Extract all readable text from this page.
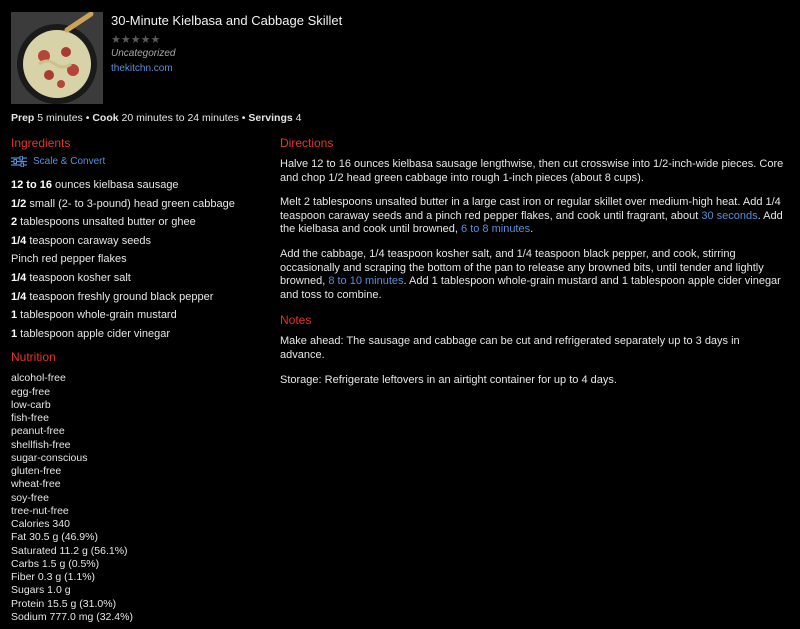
30-Minute Kielbasa and Cabbage Skillet
★★★★★
Uncategorized
thekitchn.com
Prep 5 minutes • Cook 20 minutes to 24 minutes • Servings 4
Ingredients
Scale & Convert
12 to 16 ounces kielbasa sausage
1/2 small (2- to 3-pound) head green cabbage
2 tablespoons unsalted butter or ghee
1/4 teaspoon caraway seeds
Pinch red pepper flakes
1/4 teaspoon kosher salt
1/4 teaspoon freshly ground black pepper
1 tablespoon whole-grain mustard
1 tablespoon apple cider vinegar
Nutrition
alcohol-free
egg-free
low-carb
fish-free
peanut-free
shellfish-free
sugar-conscious
gluten-free
wheat-free
soy-free
tree-nut-free
Calories 340
Fat 30.5 g (46.9%)
Saturated 11.2 g (56.1%)
Carbs 1.5 g (0.5%)
Fiber 0.3 g (1.1%)
Sugars 1.0 g
Protein 15.5 g (31.0%)
Sodium 777.0 mg (32.4%)
Directions

Halve 12 to 16 ounces kielbasa sausage lengthwise, then cut crosswise into 1/2-inch-wide pieces. Core and chop 1/2 head green cabbage into rough 1-inch pieces (about 8 cups).

Melt 2 tablespoons unsalted butter in a large cast iron or regular skillet over medium-high heat. Add 1/4 teaspoon caraway seeds and a pinch red pepper flakes, and cook until fragrant, about 30 seconds. Add the kielbasa and cook until browned, 6 to 8 minutes.

Add the cabbage, 1/4 teaspoon kosher salt, and 1/4 teaspoon black pepper, and cook, stirring occasionally and scraping the bottom of the pan to release any browned bits, until tender and lightly browned, 8 to 10 minutes. Add 1 tablespoon whole-grain mustard and 1 tablespoon apple cider vinegar and toss to combine.

Notes

Make ahead: The sausage and cabbage can be cut and refrigerated separately up to 3 days in advance.

Storage: Refrigerate leftovers in an airtight container for up to 4 days.
